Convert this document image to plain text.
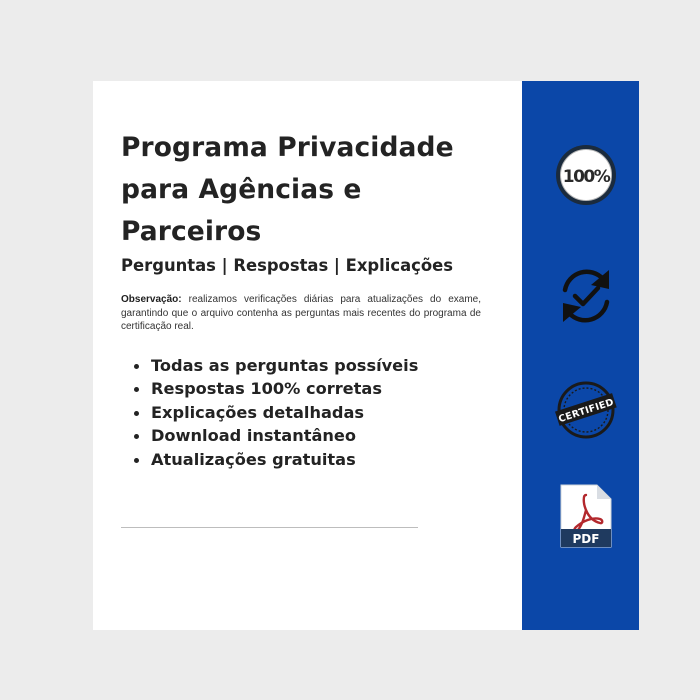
Programa Privacidade
para Agências e
Parceiros
Perguntas | Respostas | Explicações

Observação: realizamos verificações diárias para atualizações do exame, garantindo que o arquivo contenha as perguntas mais recentes do programa de certificação real.

Todas as perguntas possíveis
Respostas 100% corretas
Explicações detalhadas
Download instantâneo
Atualizações gratuitas
100%
CERTIFIED
PDF
